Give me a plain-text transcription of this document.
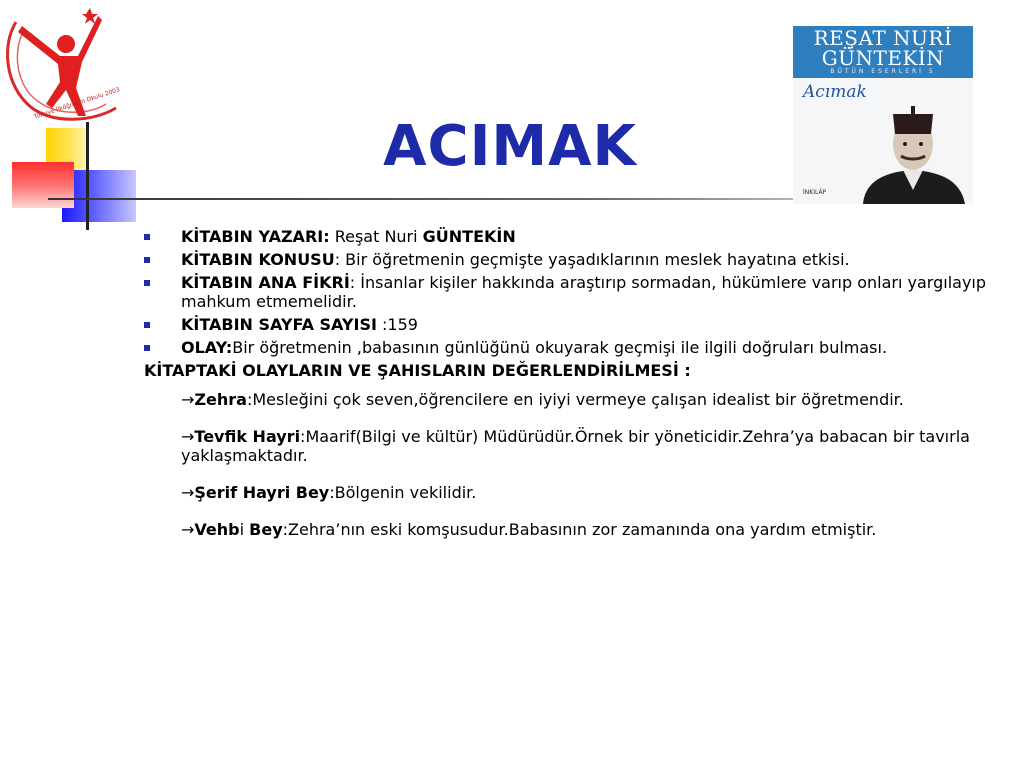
Türkiye İlköğretim Okulu 2003
ACIMAK
REŞAT NURİ
GÜNTEKİN
BÜTÜN ESERLERİ 5
Acımak
İNKILÂP
KİTABIN YAZARI: Reşat Nuri GÜNTEKİN
KİTABIN KONUSU: Bir öğretmenin geçmişte yaşadıklarının meslek hayatına etkisi.
KİTABIN ANA FİKRİ: İnsanlar kişiler hakkında araştırıp sormadan, hükümlere varıp onları yargılayıp mahkum etmemelidir.
KİTABIN SAYFA SAYISI :159
OLAY:Bir öğretmenin ,babasının günlüğünü okuyarak geçmişi ile ilgili doğruları bulması.
KİTAPTAKİ OLAYLARIN VE ŞAHISLARIN DEĞERLENDİRİLMESİ :
→Zehra:Mesleğini çok seven,öğrencilere en iyiyi vermeye çalışan idealist bir öğretmendir.
→Tevfik Hayri:Maarif(Bilgi ve kültür) Müdürüdür.Örnek bir yöneticidir.Zehra’ya babacan bir tavırla yaklaşmaktadır.
→Şerif Hayri Bey:Bölgenin vekilidir.
→Vehbi Bey:Zehra’nın eski komşusudur.Babasının zor zamanında ona yardım etmiştir.
